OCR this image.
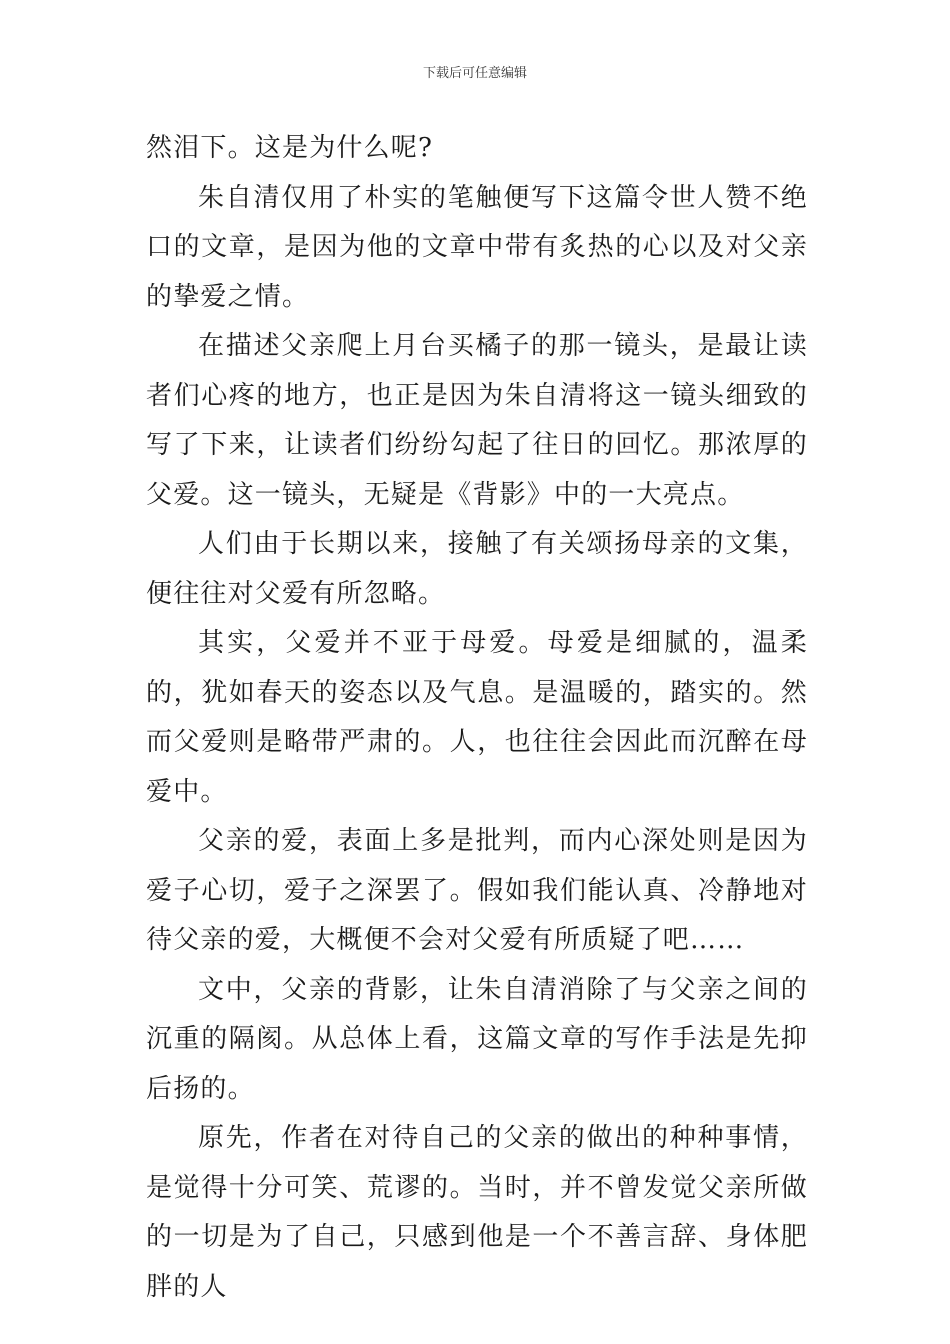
下载后可任意编辑

然泪下。这是为什么呢?

朱自清仅用了朴实的笔触便写下这篇令世人赞不绝口的文章，是因为他的文章中带有炙热的心以及对父亲的挚爱之情。

在描述父亲爬上月台买橘子的那一镜头，是最让读者们心疼的地方，也正是因为朱自清将这一镜头细致的写了下来，让读者们纷纷勾起了往日的回忆。那浓厚的父爱。这一镜头，无疑是《背影》中的一大亮点。

人们由于长期以来，接触了有关颂扬母亲的文集，便往往对父爱有所忽略。

其实，父爱并不亚于母爱。母爱是细腻的，温柔的，犹如春天的姿态以及气息。是温暖的，踏实的。然而父爱则是略带严肃的。人，也往往会因此而沉醉在母爱中。

父亲的爱，表面上多是批判，而内心深处则是因为爱子心切，爱子之深罢了。假如我们能认真、冷静地对待父亲的爱，大概便不会对父爱有所质疑了吧……

文中，父亲的背影，让朱自清消除了与父亲之间的沉重的隔阂。从总体上看，这篇文章的写作手法是先抑后扬的。

原先，作者在对待自己的父亲的做出的种种事情，是觉得十分可笑、荒谬的。当时，并不曾发觉父亲所做的一切是为了自己，只感到他是一个不善言辞、身体肥胖的人
